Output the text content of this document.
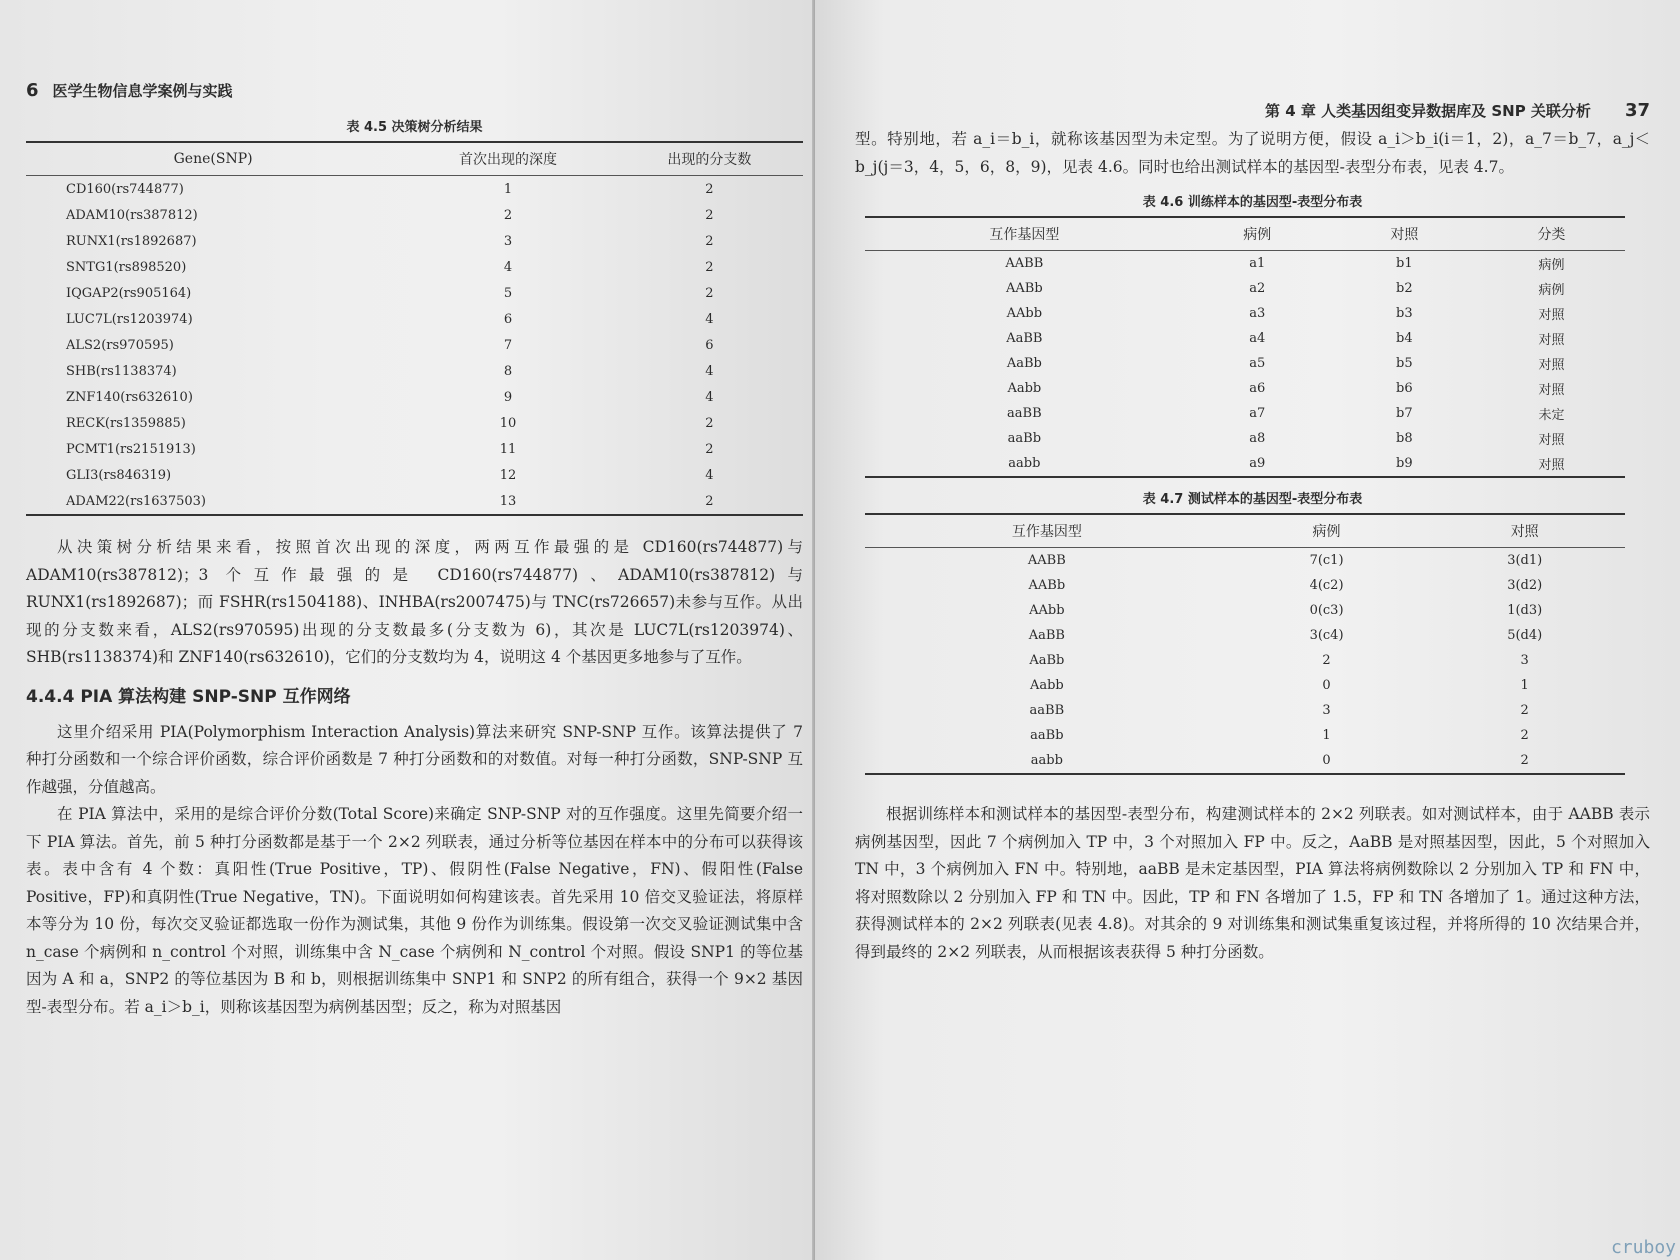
6 医学生物信息学案例与实践
表 4.5 决策树分析结果
Gene(SNP)	首次出现的深度	出现的分支数
CD160(rs744877)	1	2
ADAM10(rs387812)	2	2
RUNX1(rs1892687)	3	2
SNTG1(rs898520)	4	2
IQGAP2(rs905164)	5	2
LUC7L(rs1203974)	6	4
ALS2(rs970595)	7	6
SHB(rs1138374)	8	4
ZNF140(rs632610)	9	4
RECK(rs1359885)	10	2
PCMT1(rs2151913)	11	2
GLI3(rs846319)	12	4
ADAM22(rs1637503)	13	2

从决策树分析结果来看，按照首次出现的深度，两两互作最强的是 CD160(rs744877)与 ADAM10(rs387812)；3 个互作最强的是 CD160(rs744877)、ADAM10(rs387812)与 RUNX1(rs1892687)；而 FSHR(rs1504188)、INHBA(rs2007475)与 TNC(rs726657)未参与互作。从出现的分支数来看，ALS2(rs970595)出现的分支数最多(分支数为 6)，其次是 LUC7L(rs1203974)、SHB(rs1138374)和 ZNF140(rs632610)，它们的分支数均为 4，说明这 4 个基因更多地参与了互作。

4.4.4 PIA 算法构建 SNP-SNP 互作网络

这里介绍采用 PIA(Polymorphism Interaction Analysis)算法来研究 SNP-SNP 互作。该算法提供了 7 种打分函数和一个综合评价函数，综合评价函数是 7 种打分函数和的对数值。对每一种打分函数，SNP-SNP 互作越强，分值越高。

在 PIA 算法中，采用的是综合评价分数(Total Score)来确定 SNP-SNP 对的互作强度。这里先简要介绍一下 PIA 算法。首先，前 5 种打分函数都是基于一个 2×2 列联表，通过分析等位基因在样本中的分布可以获得该表。表中含有 4 个数：真阳性(True Positive，TP)、假阴性(False Negative，FN)、假阳性(False Positive，FP)和真阴性(True Negative，TN)。下面说明如何构建该表。首先采用 10 倍交叉验证法，将原样本等分为 10 份，每次交叉验证都选取一份作为测试集，其他 9 份作为训练集。假设第一次交叉验证测试集中含 n_case 个病例和 n_control 个对照，训练集中含 N_case 个病例和 N_control 个对照。假设 SNP1 的等位基因为 A 和 a，SNP2 的等位基因为 B 和 b，则根据训练集中 SNP1 和 SNP2 的所有组合，获得一个 9×2 基因型-表型分布。若 a_i＞b_i，则称该基因型为病例基因型；反之，称为对照基因

第 4 章 人类基因组变异数据库及 SNP 关联分析 37

型。特别地，若 a_i＝b_i，就称该基因型为未定型。为了说明方便，假设 a_i＞b_i(i＝1，2)，a_7＝b_7，a_j＜b_j(j＝3，4，5，6，8，9)，见表 4.6。同时也给出测试样本的基因型-表型分布表，见表 4.7。

表 4.6 训练样本的基因型-表型分布表
互作基因型	病例	对照	分类
AABB	a1	b1	病例
AABb	a2	b2	病例
AAbb	a3	b3	对照
AaBB	a4	b4	对照
AaBb	a5	b5	对照
Aabb	a6	b6	对照
aaBB	a7	b7	未定
aaBb	a8	b8	对照
aabb	a9	b9	对照
表 4.7 测试样本的基因型-表型分布表
互作基因型	病例	对照
AABB	7(c1)	3(d1)
AABb	4(c2)	3(d2)
AAbb	0(c3)	1(d3)
AaBB	3(c4)	5(d4)
AaBb	2	3
Aabb	0	1
aaBB	3	2
aaBb	1	2
aabb	0	2

根据训练样本和测试样本的基因型-表型分布，构建测试样本的 2×2 列联表。如对测试样本，由于 AABB 表示病例基因型，因此 7 个病例加入 TP 中，3 个对照加入 FP 中。反之，AaBB 是对照基因型，因此，5 个对照加入 TN 中，3 个病例加入 FN 中。特别地，aaBB 是未定基因型，PIA 算法将病例数除以 2 分别加入 TP 和 FN 中，将对照数除以 2 分别加入 FP 和 TN 中。因此，TP 和 FN 各增加了 1.5，FP 和 TN 各增加了 1。通过这种方法，获得测试样本的 2×2 列联表(见表 4.8)。对其余的 9 对训练集和测试集重复该过程，并将所得的 10 次结果合并，得到最终的 2×2 列联表，从而根据该表获得 5 种打分函数。

cruboy
